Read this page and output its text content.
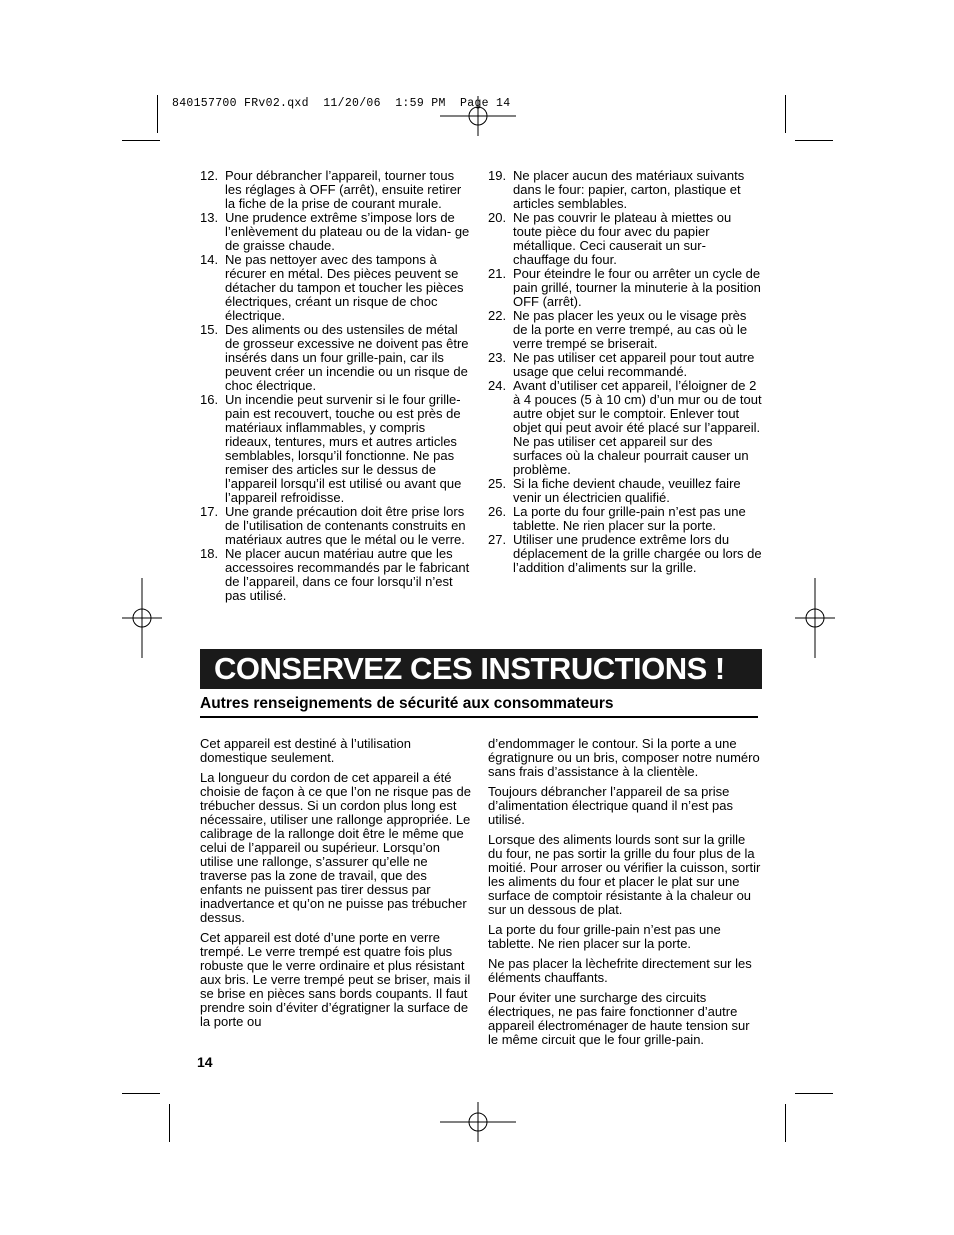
840157700 FRv02.qxd  11/20/06  1:59 PM  Page 14
12. Pour débrancher l’appareil, tourner tous les réglages à OFF (arrêt), ensuite retirer la fiche de la prise de courant murale.
13. Une prudence extrême s’impose lors de l’enlèvement du plateau ou de la vidan- ge de graisse chaude.
14. Ne pas nettoyer avec des tampons à récurer en métal. Des pièces peuvent se détacher du tampon et toucher les pièces électriques, créant un risque de choc électrique.
15. Des aliments ou des ustensiles de métal de grosseur excessive ne doivent pas être insérés dans un four grille-pain, car ils peuvent créer un incendie ou un risque de choc électrique.
16. Un incendie peut survenir si le four grille-pain est recouvert, touche ou est près de matériaux inflammables, y compris rideaux, tentures, murs et autres articles semblables, lorsqu’il fonctionne. Ne pas remiser des articles sur le dessus de l’appareil lorsqu’il est utilisé ou avant que l’appareil refroidisse.
17. Une grande précaution doit être prise lors de l’utilisation de contenants construits en matériaux autres que le métal ou le verre.
18. Ne placer aucun matériau autre que les accessoires recommandés par le fabricant de l’appareil, dans ce four lorsqu’il n’est pas utilisé.
19. Ne placer aucun des matériaux suivants dans le four: papier, carton, plastique et articles semblables.
20. Ne pas couvrir le plateau à miettes ou toute pièce du four avec du papier métallique. Ceci causerait un sur- chauffage du four.
21. Pour éteindre le four ou arrêter un cycle de pain grillé, tourner la minuterie à la position OFF (arrêt).
22. Ne pas placer les yeux ou le visage près de la porte en verre trempé, au cas où le verre trempé se briserait.
23. Ne pas utiliser cet appareil pour tout autre usage que celui recommandé.
24. Avant d’utiliser cet appareil, l’éloigner de 2 à 4 pouces (5 à 10 cm) d’un mur ou de tout autre objet sur le comptoir. Enlever tout objet qui peut avoir été placé sur l’appareil. Ne pas utiliser cet appareil sur des surfaces où la chaleur pourrait causer un problème.
25. Si la fiche devient chaude, veuillez faire venir un électricien qualifié.
26. La porte du four grille-pain n’est pas une tablette. Ne rien placer sur la porte.
27. Utiliser une prudence extrême lors du déplacement de la grille chargée ou lors de l’addition d’aliments sur la grille.
CONSERVEZ CES INSTRUCTIONS !
Autres renseignements de sécurité aux consommateurs

Cet appareil est destiné à l’utilisation domestique seulement.

La longueur du cordon de cet appareil a été choisie de façon à ce que l’on ne risque pas de trébucher dessus. Si un cordon plus long est nécessaire, utiliser une rallonge appropriée. Le calibrage de la rallonge doit être le même que celui de l’appareil ou supérieur. Lorsqu’on utilise une rallonge, s’assurer qu’elle ne traverse pas la zone de travail, que des enfants ne puissent pas tirer dessus par inadvertance et qu’on ne puisse pas trébucher dessus.

Cet appareil est doté d’une porte en verre trempé. Le verre trempé est quatre fois plus robuste que le verre ordinaire et plus résistant aux bris. Le verre trempé peut se briser, mais il se brise en pièces sans bords coupants. Il faut prendre soin d’éviter d’égratigner la surface de la porte ou

d’endommager le contour. Si la porte a une égratignure ou un bris, composer notre numéro sans frais d’assistance à la clientèle.

Toujours débrancher l’appareil de sa prise d’alimentation électrique quand il n’est pas utilisé.

Lorsque des aliments lourds sont sur la grille du four, ne pas sortir la grille du four plus de la moitié. Pour arroser ou vérifier la cuisson, sortir les aliments du four et placer le plat sur une surface de comptoir résistante à la chaleur ou sur un dessous de plat.

La porte du four grille-pain n’est pas une tablette. Ne rien placer sur la porte.

Ne pas placer la lèchefrite directement sur les éléments chauffants.

Pour éviter une surcharge des circuits électriques, ne pas faire fonctionner d’autre appareil électroménager de haute tension sur le même circuit que le four grille-pain.

14
